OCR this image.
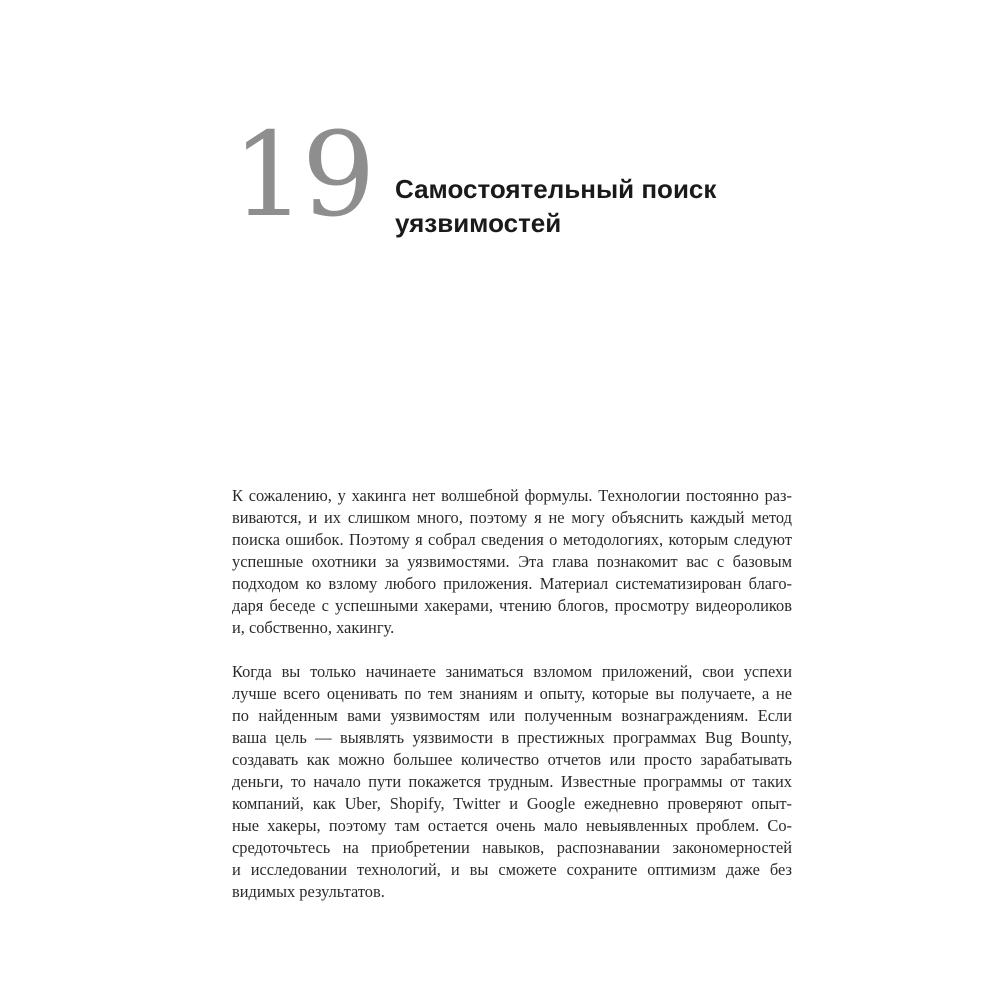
19 Самостоятельный поиск
уязвимостей

К сожалению, у хакинга нет волшебной формулы. Технологии постоянно раз-
виваются, и их слишком много, поэтому я не могу объяснить каждый метод
поиска ошибок. Поэтому я собрал сведения о методологиях, которым следуют
успешные охотники за уязвимостями. Эта глава познакомит вас с базовым
подходом ко взлому любого приложения. Материал систематизирован благо-
даря беседе с успешными хакерами, чтению блогов, просмотру видеороликов
и, собственно, хакингу.

Когда вы только начинаете заниматься взломом приложений, свои успехи
лучше всего оценивать по тем знаниям и опыту, которые вы получаете, а не
по найденным вами уязвимостям или полученным вознаграждениям. Если
ваша цель — выявлять уязвимости в престижных программах Bug Bounty,
создавать как можно большее количество отчетов или просто зарабатывать
деньги, то начало пути покажется трудным. Известные программы от таких
компаний, как Uber, Shopify, Twitter и Google ежедневно проверяют опыт-
ные хакеры, поэтому там остается очень мало невыявленных проблем. Со-
средоточьтесь на приобретении навыков, распознавании закономерностей
и исследовании технологий, и вы сможете сохраните оптимизм даже без
видимых результатов.
